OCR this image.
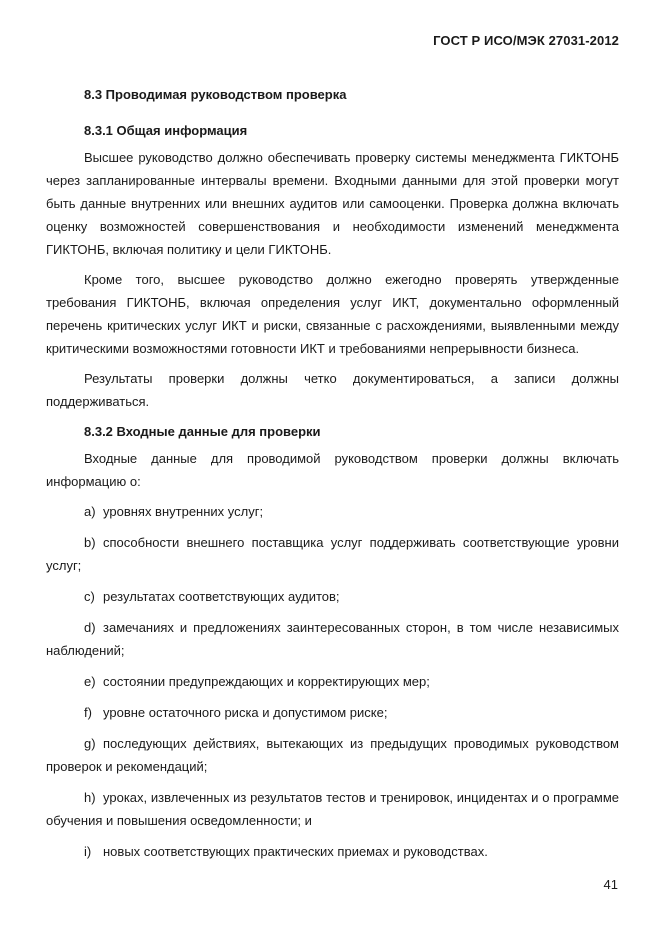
ГОСТ Р ИСО/МЭК 27031-2012

8.3 Проводимая руководством проверка

8.3.1 Общая информация

Высшее руководство должно обеспечивать проверку системы менеджмента ГИКТОНБ через запланированные интервалы времени. Входными данными для этой проверки могут быть данные внутренних или внешних аудитов или самооценки. Проверка должна включать оценку возможностей совершенствования и необходимости изменений менеджмента ГИКТОНБ, включая политику и цели ГИКТОНБ.

Кроме того, высшее руководство должно ежегодно проверять утвержденные требования ГИКТОНБ, включая определения услуг ИКТ, документально оформленный перечень критических услуг ИКТ и риски, связанные с расхождениями, выявленными между критическими возможностями готовности ИКТ и требованиями непрерывности бизнеса.

Результаты проверки должны четко документироваться, а записи должны поддерживаться.

8.3.2 Входные данные для проверки

Входные данные для проводимой руководством проверки должны включать информацию о:

a) уровнях внутренних услуг;

b) способности внешнего поставщика услуг поддерживать соответствующие уровни услуг;

c) результатах соответствующих аудитов;

d) замечаниях и предложениях заинтересованных сторон, в том числе независимых наблюдений;

e) состоянии предупреждающих и корректирующих мер;

f) уровне остаточного риска и допустимом риске;

g) последующих действиях, вытекающих из предыдущих проводимых руководством проверок и рекомендаций;

h) уроках, извлеченных из результатов тестов и тренировок, инцидентах и о программе обучения и повышения осведомленности; и

i) новых соответствующих практических приемах и руководствах.

41
